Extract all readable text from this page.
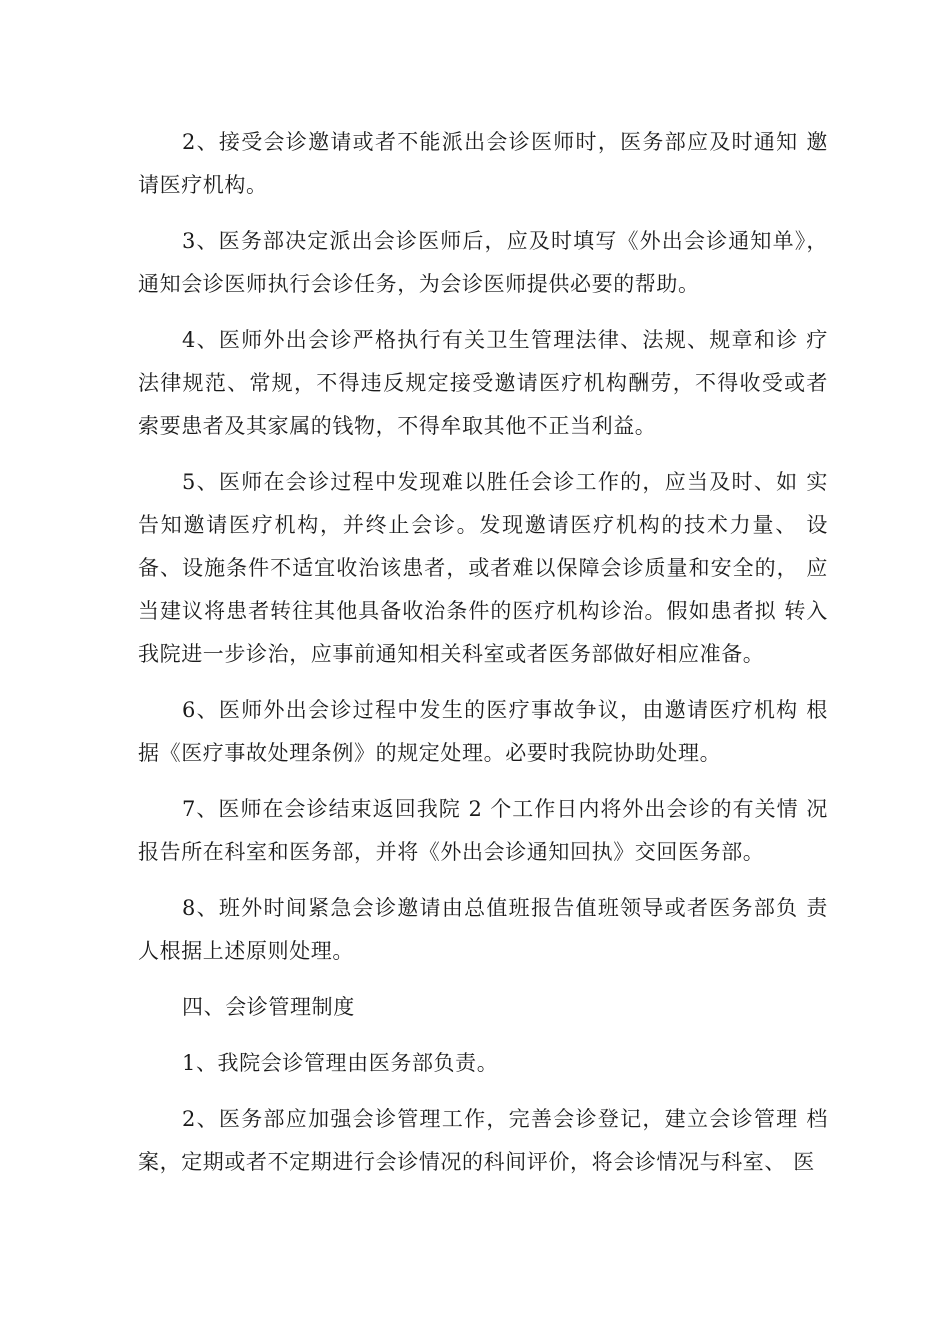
2、接受会诊邀请或者不能派出会诊医师时，医务部应及时通知 邀请医疗机构。

3、医务部决定派出会诊医师后，应及时填写《外出会诊通知单》，通知会诊医师执行会诊任务，为会诊医师提供必要的帮助。

4、医师外出会诊严格执行有关卫生管理法律、法规、规章和诊 疗法律规范、常规，不得违反规定接受邀请医疗机构酬劳，不得收受或者 索要患者及其家属的钱物，不得牟取其他不正当利益。

5、医师在会诊过程中发现难以胜任会诊工作的，应当及时、如 实告知邀请医疗机构，并终止会诊。发现邀请医疗机构的技术力量、 设备、设施条件不适宜收治该患者，或者难以保障会诊质量和安全的， 应当建议将患者转往其他具备收治条件的医疗机构诊治。假如患者拟 转入我院进一步诊治，应事前通知相关科室或者医务部做好相应准备。

6、医师外出会诊过程中发生的医疗事故争议，由邀请医疗机构 根据《医疗事故处理条例》的规定处理。必要时我院协助处理。

7、医师在会诊结束返回我院 2 个工作日内将外出会诊的有关情 况报告所在科室和医务部，并将《外出会诊通知回执》交回医务部。

8、班外时间紧急会诊邀请由总值班报告值班领导或者医务部负 责人根据上述原则处理。

四、会诊管理制度

1、我院会诊管理由医务部负责。

2、医务部应加强会诊管理工作，完善会诊登记，建立会诊管理 档案，定期或者不定期进行会诊情况的科间评价，将会诊情况与科室、 医
